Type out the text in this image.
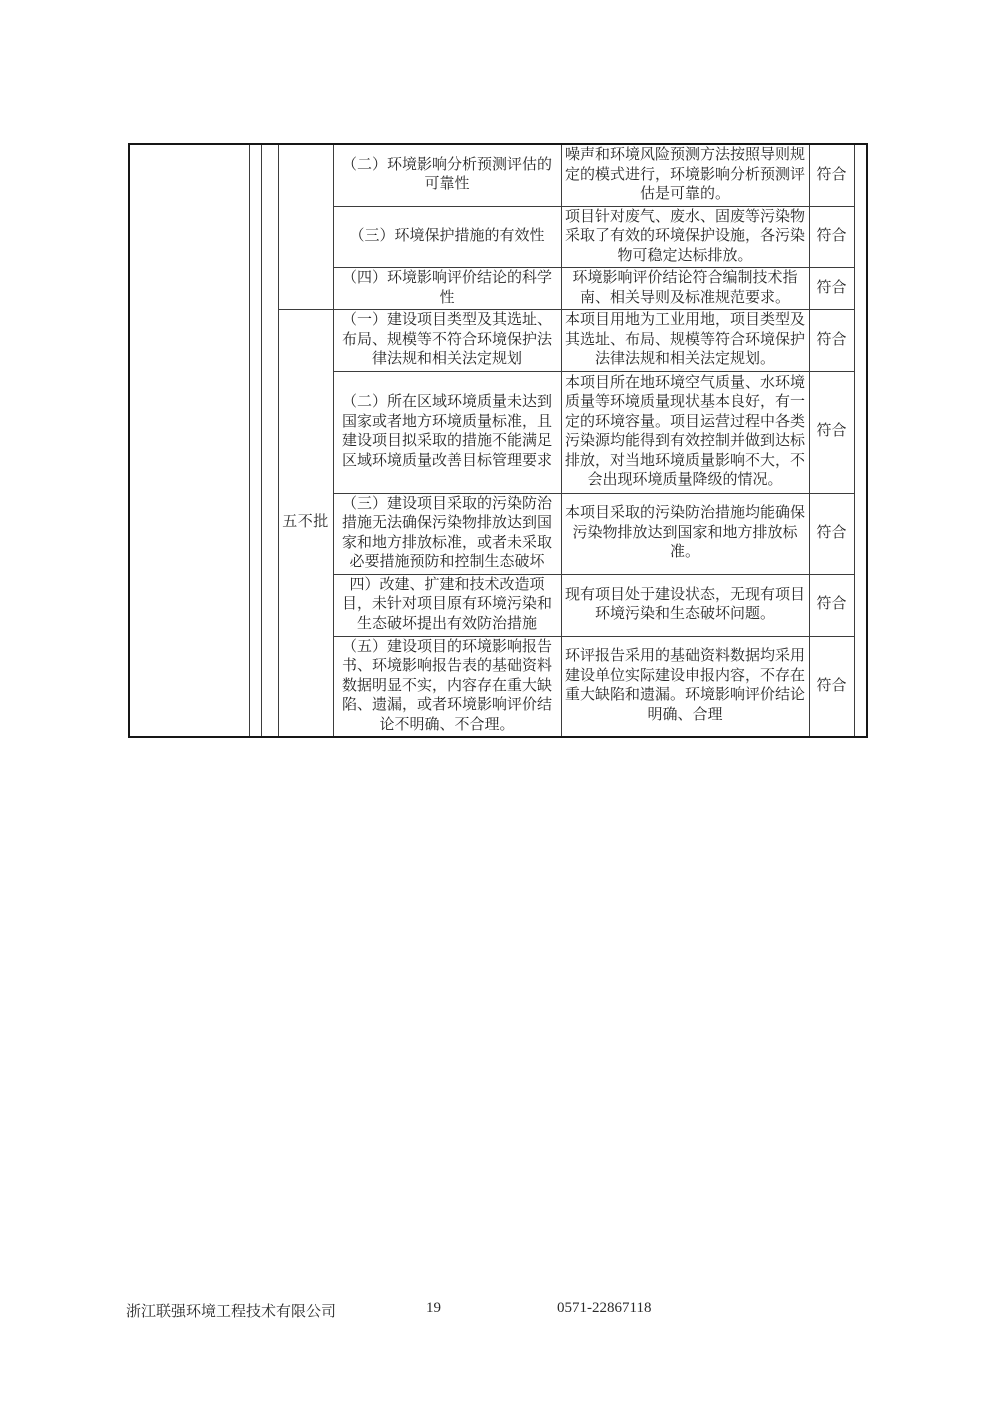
				（二）环境影响分析预测评估的可靠性	噪声和环境风险预测方法按照导则规定的模式进行，环境影响分析预测评估是可靠的。	符合	
				（三）环境保护措施的有效性	项目针对废气、废水、固废等污染物采取了有效的环境保护设施，各污染物可稳定达标排放。	符合	
				（四）环境影响评价结论的科学性	环境影响评价结论符合编制技术指南、相关导则及标准规范要求。	符合	
			五不批	（一）建设项目类型及其选址、布局、规模等不符合环境保护法律法规和相关法定规划	本项目用地为工业用地，项目类型及其选址、布局、规模等符合环境保护法律法规和相关法定规划。	符合	
				（二）所在区域环境质量未达到国家或者地方环境质量标准，且建设项目拟采取的措施不能满足区域环境质量改善目标管理要求	本项目所在地环境空气质量、水环境质量等环境质量现状基本良好，有一定的环境容量。项目运营过程中各类污染源均能得到有效控制并做到达标排放，对当地环境质量影响不大，不会出现环境质量降级的情况。	符合	
				（三）建设项目采取的污染防治措施无法确保污染物排放达到国家和地方排放标准，或者未采取必要措施预防和控制生态破坏	本项目采取的污染防治措施均能确保污染物排放达到国家和地方排放标准。	符合	
				四）改建、扩建和技术改造项目，未针对项目原有环境污染和生态破坏提出有效防治措施	现有项目处于建设状态，无现有项目环境污染和生态破坏问题。	符合	
				（五）建设项目的环境影响报告书、环境影响报告表的基础资料数据明显不实，内容存在重大缺陷、遗漏，或者环境影响评价结论不明确、不合理。	环评报告采用的基础资料数据均采用建设单位实际建设申报内容，不存在重大缺陷和遗漏。环境影响评价结论明确、合理	符合	
浙江联强环境工程技术有限公司	19	0571-22867118
